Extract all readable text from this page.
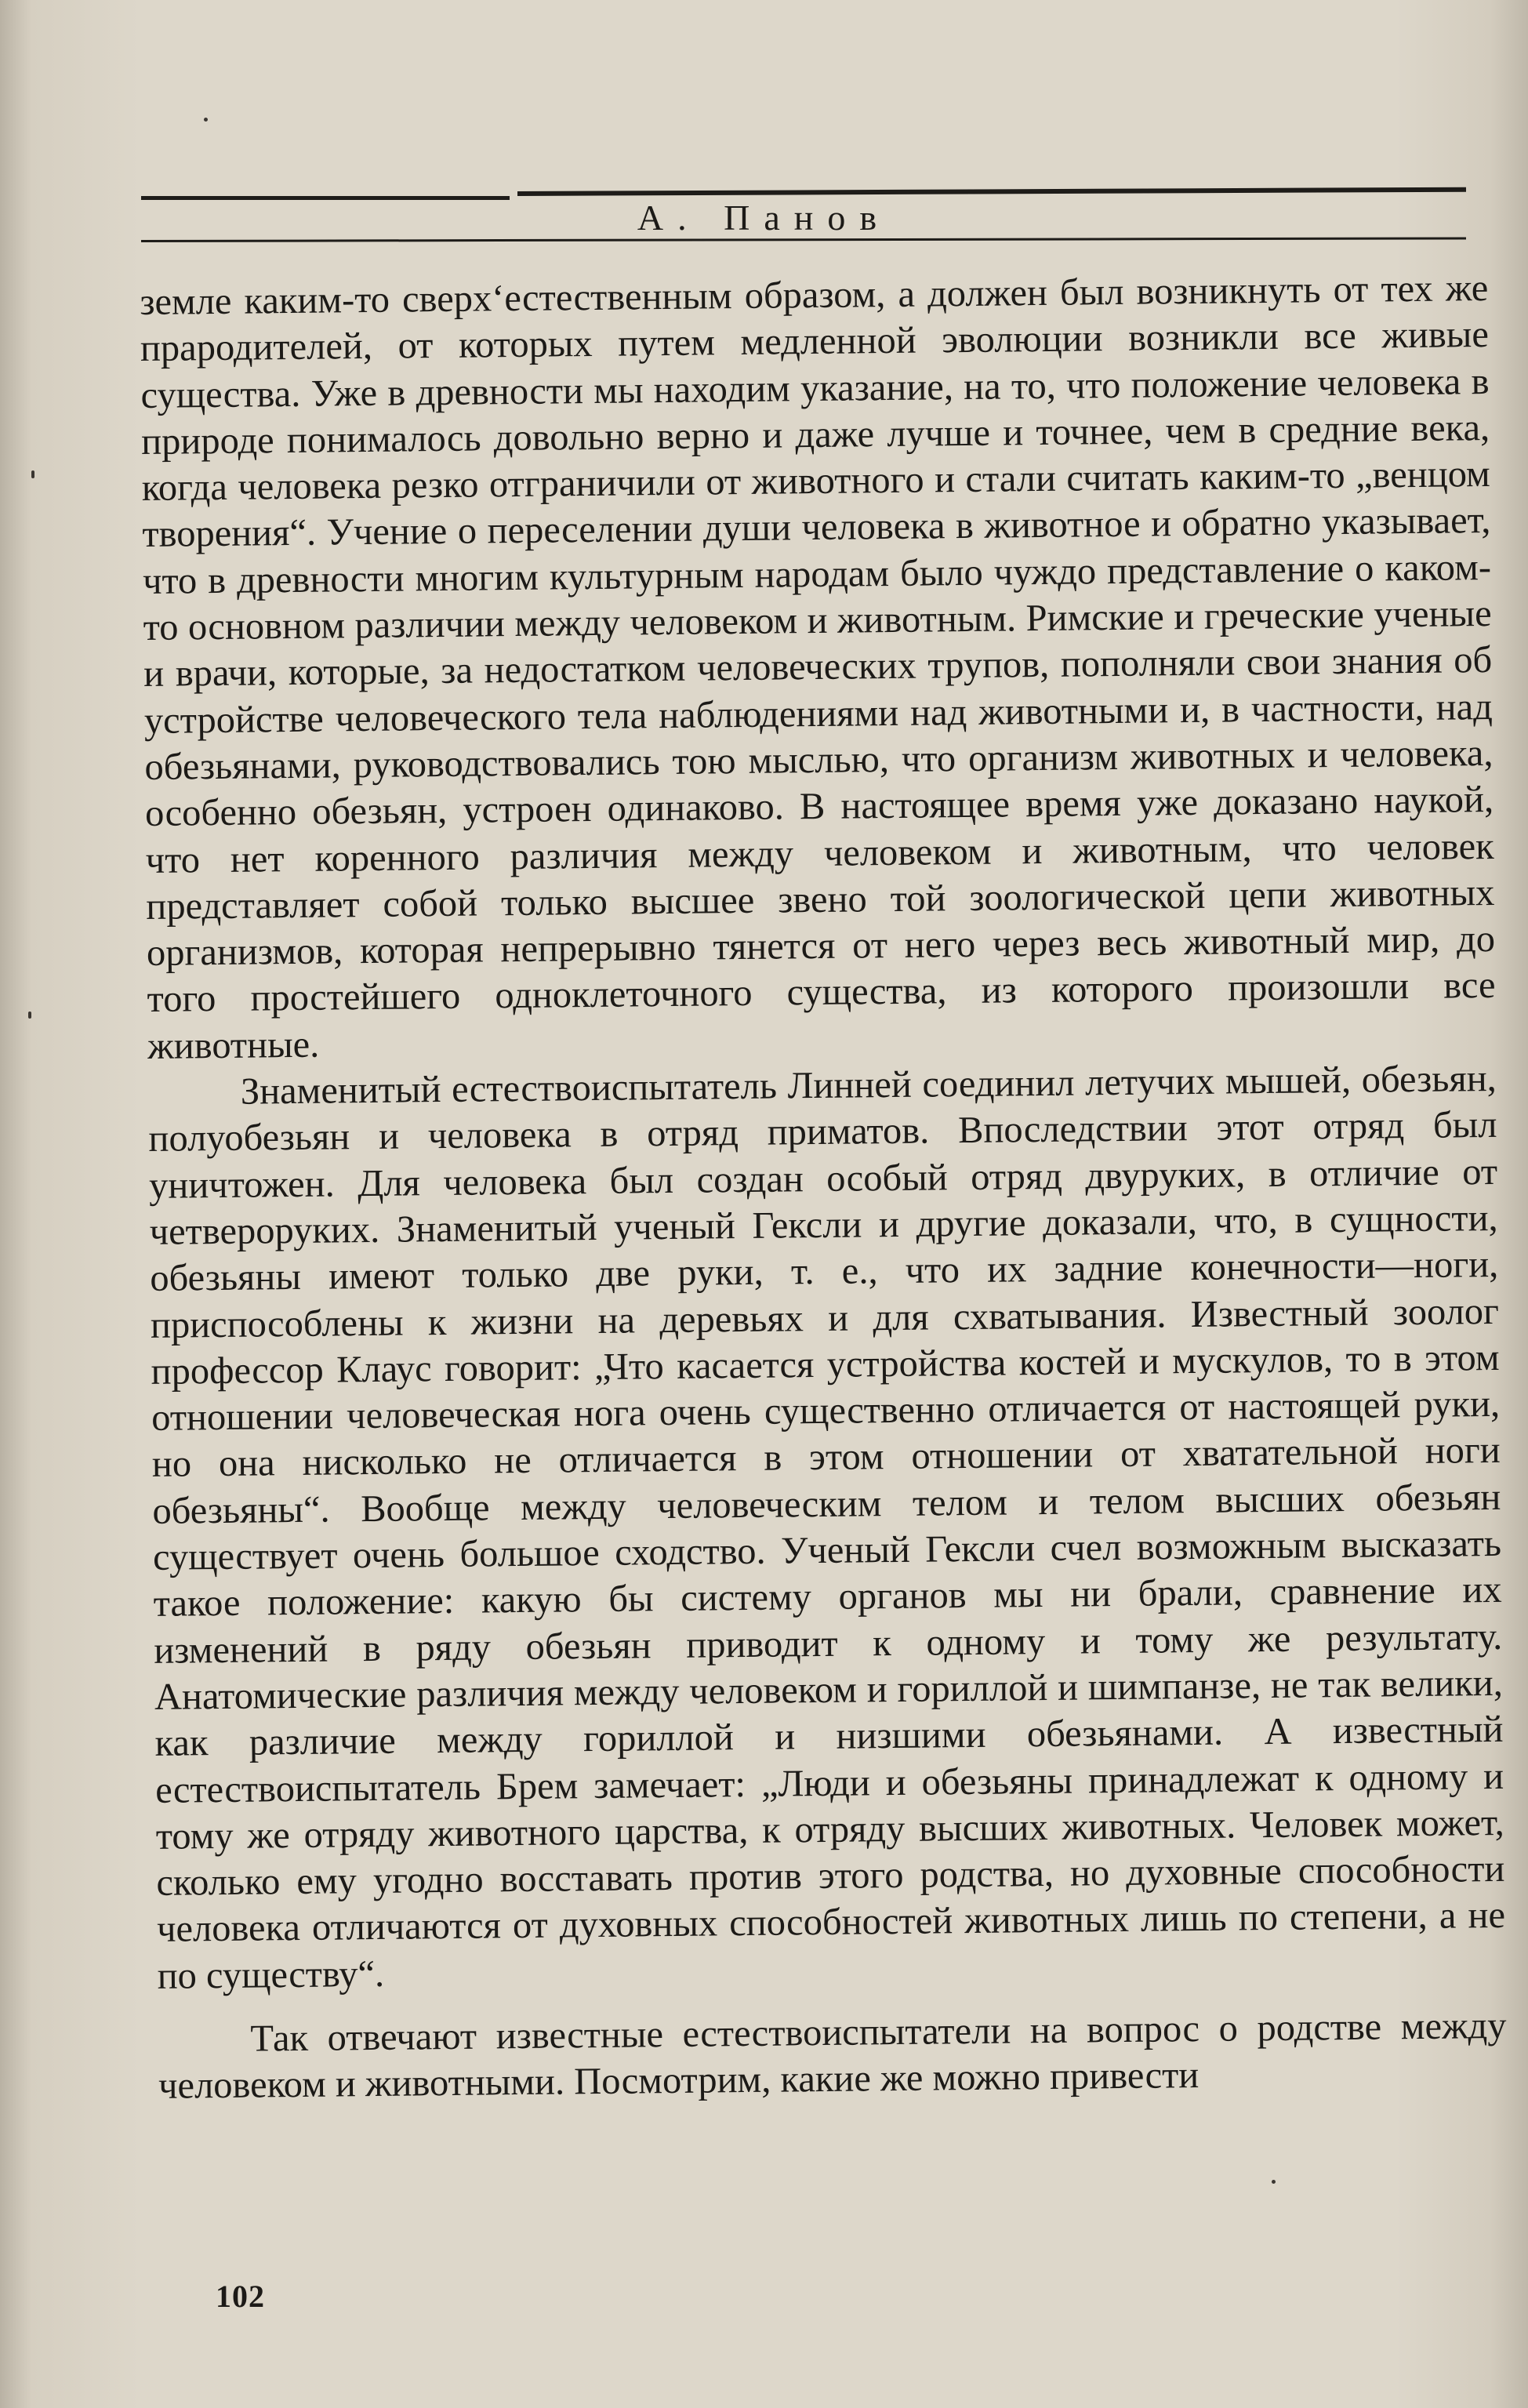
А. Панов

земле каким-то сверх‘естественным образом, а должен был возникнуть от тех же прародителей, от которых путем медленной эволюции возникли все живые существа. Уже в древности мы находим указание, на то, что положение человека в природе понималось довольно верно и даже лучше и точнее, чем в средние века, когда человека резко отграничили от животного и стали считать каким-то „венцом творения“. Учение о переселении души человека в животное и обратно указывает, что в древности многим культурным народам было чуждо представление о каком-то основном различии между человеком и животным. Римские и греческие ученые и врачи, которые, за недостатком человеческих трупов, пополняли свои знания об устройстве человеческого тела наблюдениями над животными и, в частности, над обезьянами, руководствовались тою мыслью, что организм животных и человека, особенно обезьян, устроен одинаково. В настоящее время уже доказано наукой, что нет коренного различия между человеком и животным, что человек представляет собой только высшее звено той зоологической цепи животных организмов, которая непрерывно тянется от него через весь животный мир, до того простейшего одноклеточного существа, из которого произошли все животные.

Знаменитый естествоиспытатель Линней соединил летучих мышей, обезьян, полуобезьян и человека в отряд приматов. Впоследствии этот отряд был уничтожен. Для человека был создан особый отряд двуруких, в отличие от четвероруких. Знаменитый ученый Гексли и другие доказали, что, в сущности, обезьяны имеют только две руки, т. е., что их задние конечности—ноги, приспособлены к жизни на деревьях и для схватывания. Известный зоолог профессор Клаус говорит: „Что касается устройства костей и мускулов, то в этом отношении человеческая нога очень существенно отличается от настоящей руки, но она нисколько не отличается в этом отношении от хватательной ноги обезьяны“. Вообще между человеческим телом и телом высших обезьян существует очень большое сходство. Ученый Гексли счел возможным высказать такое положение: какую бы систему органов мы ни брали, сравнение их изменений в ряду обезьян приводит к одному и тому же результату. Анатомические различия между человеком и гориллой и шимпанзе, не так велики, как различие между гориллой и низшими обезьянами. А известный естествоиспытатель Брем замечает: „Люди и обезьяны принадлежат к одному и тому же отряду животного царства, к отряду высших животных. Человек может, сколько ему угодно восставать против этого родства, но духовные способности человека отличаются от духовных способностей животных лишь по степени, а не по существу“.

Так отвечают известные естествоиспытатели на вопрос о родстве между человеком и животными. Посмотрим, какие же можно привести

102
